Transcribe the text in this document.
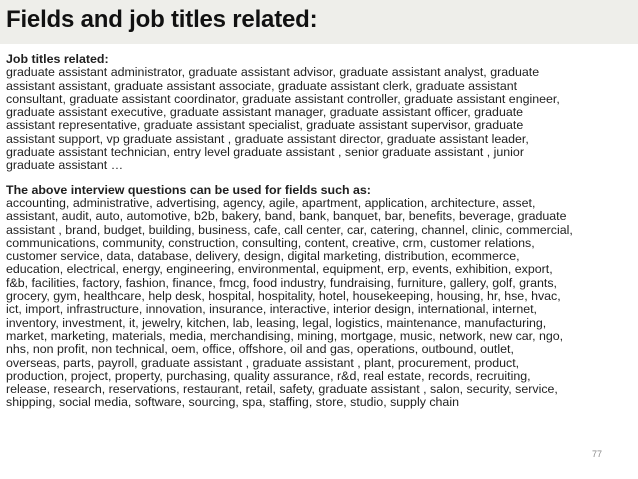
Fields and job titles related:
Job titles related:
graduate assistant administrator, graduate assistant advisor, graduate assistant analyst, graduate
assistant assistant, graduate assistant associate, graduate assistant clerk, graduate assistant
consultant, graduate assistant coordinator, graduate assistant controller, graduate assistant engineer,
graduate assistant executive, graduate assistant manager, graduate assistant officer, graduate
assistant representative, graduate assistant specialist, graduate assistant supervisor, graduate
assistant support, vp graduate assistant , graduate assistant director, graduate assistant leader,
graduate assistant technician, entry level graduate assistant , senior graduate assistant , junior
graduate assistant …
The above interview questions can be used for fields such as:
accounting, administrative, advertising, agency, agile, apartment, application, architecture, asset,
assistant, audit, auto, automotive, b2b, bakery, band, bank, banquet, bar, benefits, beverage, graduate
assistant , brand, budget, building, business, cafe, call center, car, catering, channel, clinic, commercial,
communications, community, construction, consulting, content, creative, crm, customer relations,
customer service, data, database, delivery, design, digital marketing, distribution, ecommerce,
education, electrical, energy, engineering, environmental, equipment, erp, events, exhibition, export,
f&b, facilities, factory, fashion, finance, fmcg, food industry, fundraising, furniture, gallery, golf, grants,
grocery, gym, healthcare, help desk, hospital, hospitality, hotel, housekeeping, housing, hr, hse, hvac,
ict, import, infrastructure, innovation, insurance, interactive, interior design, international, internet,
inventory, investment, it, jewelry, kitchen, lab, leasing, legal, logistics, maintenance, manufacturing,
market, marketing, materials, media, merchandising, mining, mortgage, music, network, new car, ngo,
nhs, non profit, non technical, oem, office, offshore, oil and gas, operations, outbound, outlet,
overseas, parts, payroll, graduate assistant , graduate assistant , plant, procurement, product,
production, project, property, purchasing, quality assurance, r&d, real estate, records, recruiting,
release, research, reservations, restaurant, retail, safety, graduate assistant , salon, security, service,
shipping, social media, software, sourcing, spa, staffing, store, studio, supply chain
77
